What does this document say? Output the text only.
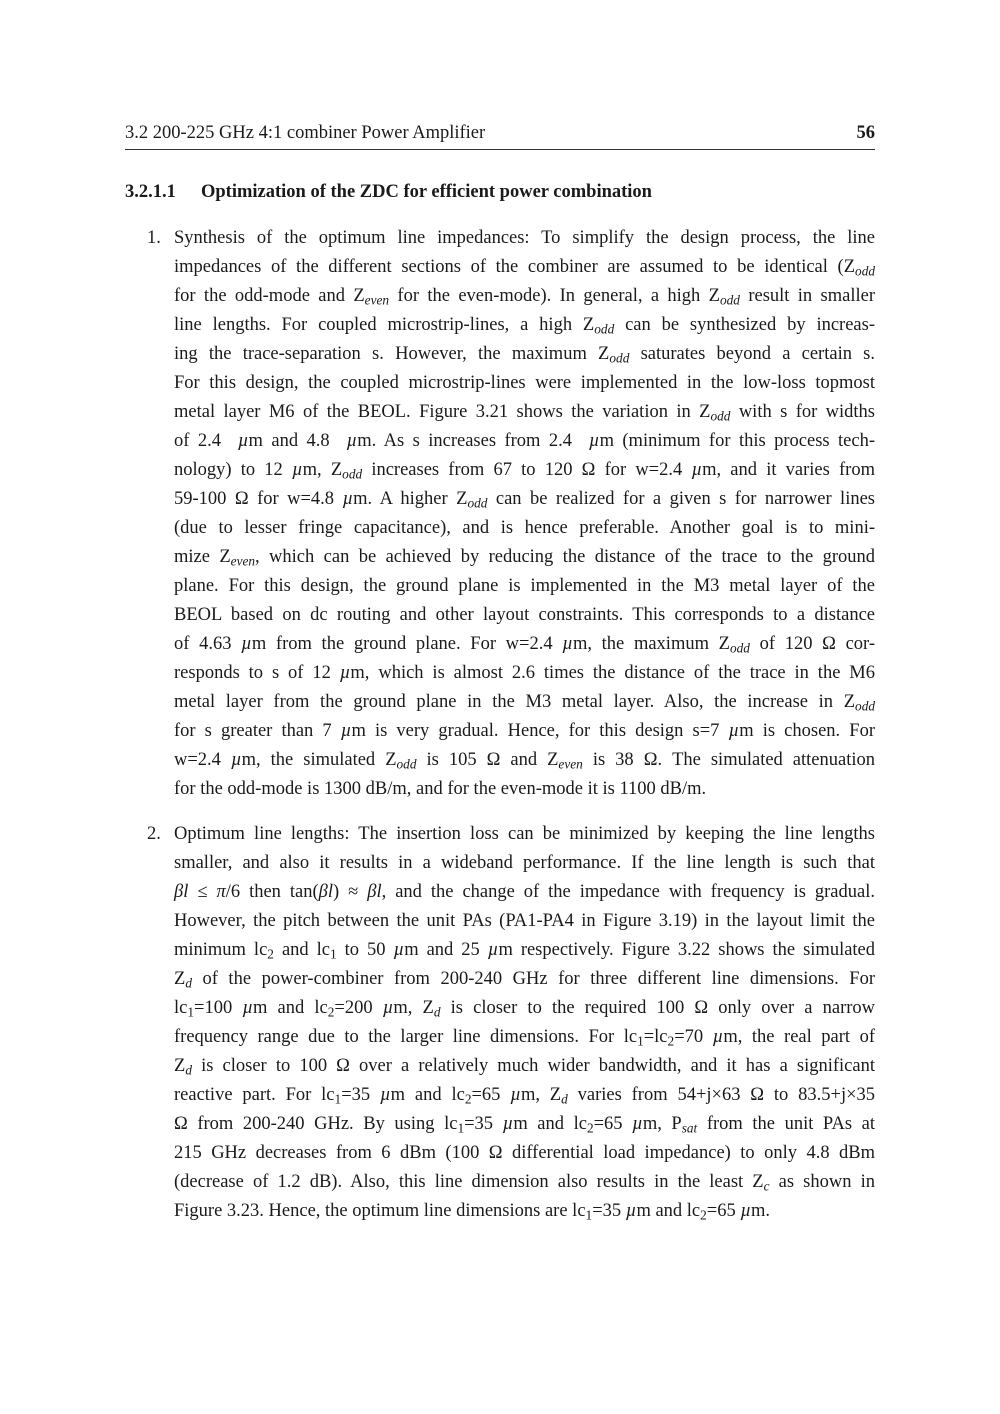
3.2 200-225 GHz 4:1 combiner Power Amplifier	56
3.2.1.1 Optimization of the ZDC for efficient power combination
1. Synthesis of the optimum line impedances: To simplify the design process, the line
impedances of the different sections of the combiner are assumed to be identical ($Z_{odd}$
for the odd-mode and $Z_{even}$ for the even-mode). In general, a high $Z_{odd}$ result in smaller
line lengths. For coupled microstrip-lines, a high $Z_{odd}$ can be synthesized by increas-
ing the trace-separation s. However, the maximum $Z_{odd}$ saturates beyond a certain s.
For this design, the coupled microstrip-lines were implemented in the low-loss topmost
metal layer M6 of the BEOL. Figure 3.21 shows the variation in $Z_{odd}$ with s for widths
of 2.4  µm and 4.8  µm. As s increases from 2.4  µm (minimum for this process tech-
nology) to 12 µm, $Z_{odd}$ increases from 67 to 120 Ω for w=2.4 µm, and it varies from
59-100 Ω for w=4.8 µm. A higher $Z_{odd}$ can be realized for a given s for narrower lines
(due to lesser fringe capacitance), and is hence preferable. Another goal is to mini-
mize $Z_{even}$, which can be achieved by reducing the distance of the trace to the ground
plane. For this design, the ground plane is implemented in the M3 metal layer of the
BEOL based on dc routing and other layout constraints. This corresponds to a distance
of 4.63 µm from the ground plane. For w=2.4 µm, the maximum $Z_{odd}$ of 120 Ω cor-
responds to s of 12 µm, which is almost 2.6 times the distance of the trace in the M6
metal layer from the ground plane in the M3 metal layer. Also, the increase in $Z_{odd}$
for s greater than 7 µm is very gradual. Hence, for this design s=7 µm is chosen. For
w=2.4 µm, the simulated $Z_{odd}$ is 105 Ω and $Z_{even}$ is 38 Ω. The simulated attenuation
for the odd-mode is 1300 dB/m, and for the even-mode it is 1100 dB/m.
2. Optimum line lengths: The insertion loss can be minimized by keeping the line lengths
smaller, and also it results in a wideband performance. If the line length is such that
βl ≤ π/6 then tan(βl) ≈ βl, and the change of the impedance with frequency is gradual.
However, the pitch between the unit PAs (PA1-PA4 in Figure 3.19) in the layout limit the
minimum $lc_2$ and $lc_1$ to 50 µm and 25 µm respectively. Figure 3.22 shows the simulated
$Z_d$ of the power-combiner from 200-240 GHz for three different line dimensions. For
$lc_1=100$ µm and $lc_2=200$ µm, $Z_d$ is closer to the required 100 Ω only over a narrow
frequency range due to the larger line dimensions. For $lc_1=lc_2=70$ µm, the real part of
$Z_d$ is closer to 100 Ω over a relatively much wider bandwidth, and it has a significant
reactive part. For $lc_1=35$ µm and $lc_2=65$ µm, $Z_d$ varies from 54+j×63 Ω to 83.5+j×35
Ω from 200-240 GHz. By using $lc_1=35$ µm and $lc_2=65$ µm, $P_{sat}$ from the unit PAs at
215 GHz decreases from 6 dBm (100 Ω differential load impedance) to only 4.8 dBm
(decrease of 1.2 dB). Also, this line dimension also results in the least $Z_c$ as shown in
Figure 3.23. Hence, the optimum line dimensions are $lc_1=35$ µm and $lc_2=65$ µm.
